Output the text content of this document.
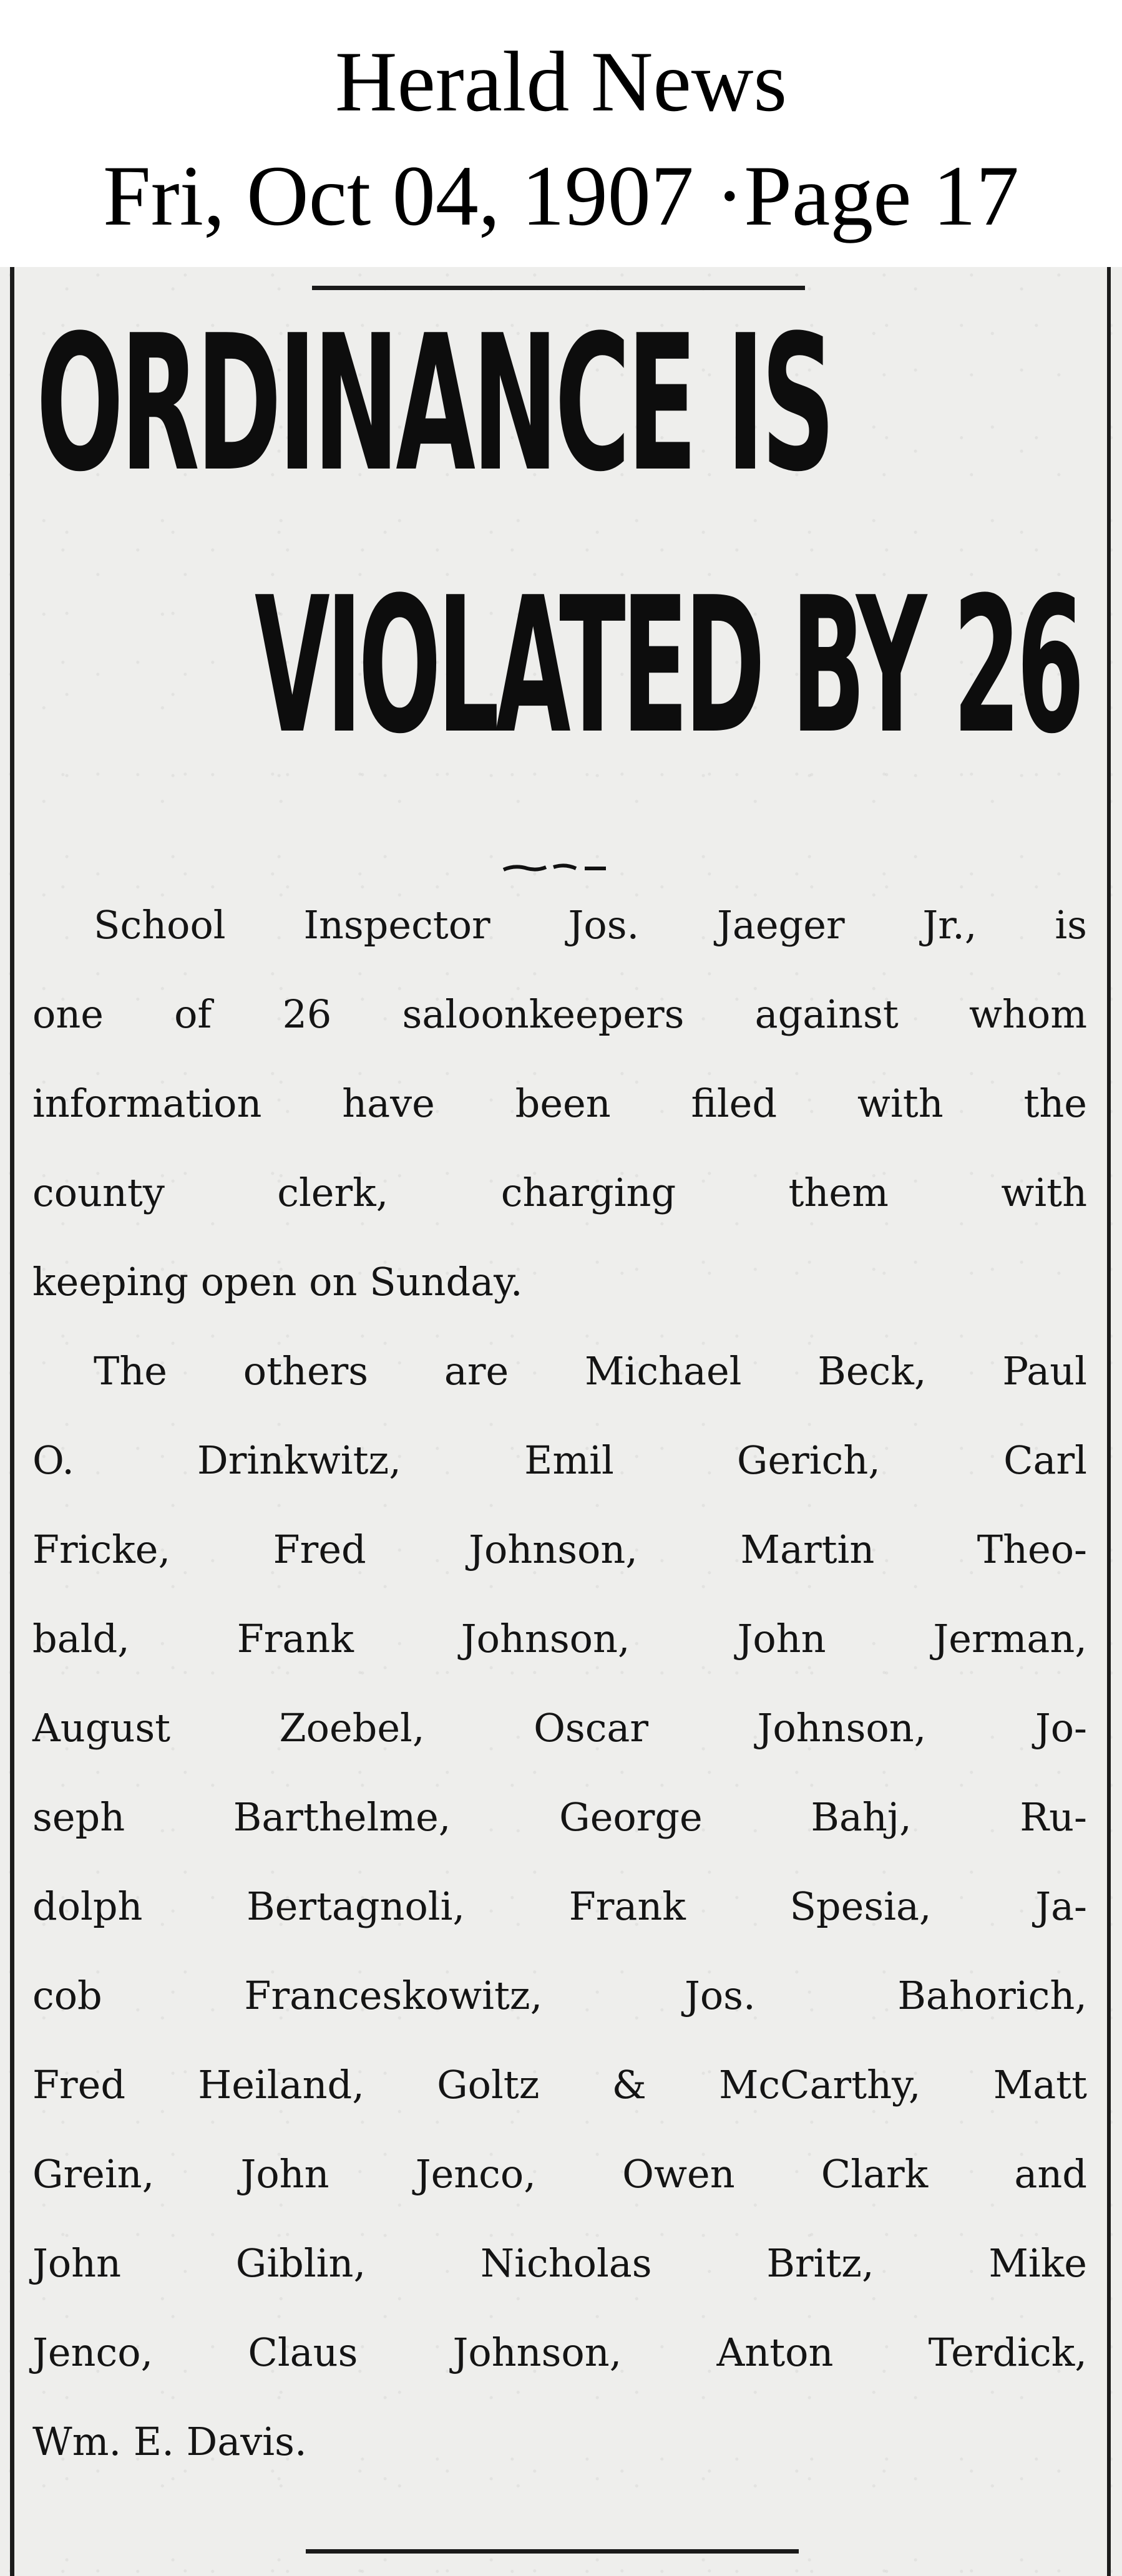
Herald News
Fri, Oct 04, 1907 ·Page 17
ORDINANCE IS
VIOLATED BY 26
School Inspector Jos. Jaeger Jr., is
one of 26 saloonkeepers against whom
information have been filed with the
county clerk, charging them with
keeping open on Sunday.
The others are Michael Beck, Paul
O. Drinkwitz, Emil Gerich, Carl
Fricke, Fred Johnson, Martin Theo-
bald, Frank Johnson, John Jerman,
August Zoebel, Oscar Johnson, Jo-
seph Barthelme, George Bahj, Ru-
dolph Bertagnoli, Frank Spesia, Ja-
cob Franceskowitz, Jos. Bahorich,
Fred Heiland, Goltz & McCarthy, Matt
Grein, John Jenco, Owen Clark and
John Giblin, Nicholas Britz, Mike
Jenco, Claus Johnson, Anton Terdick,
Wm. E. Davis.
